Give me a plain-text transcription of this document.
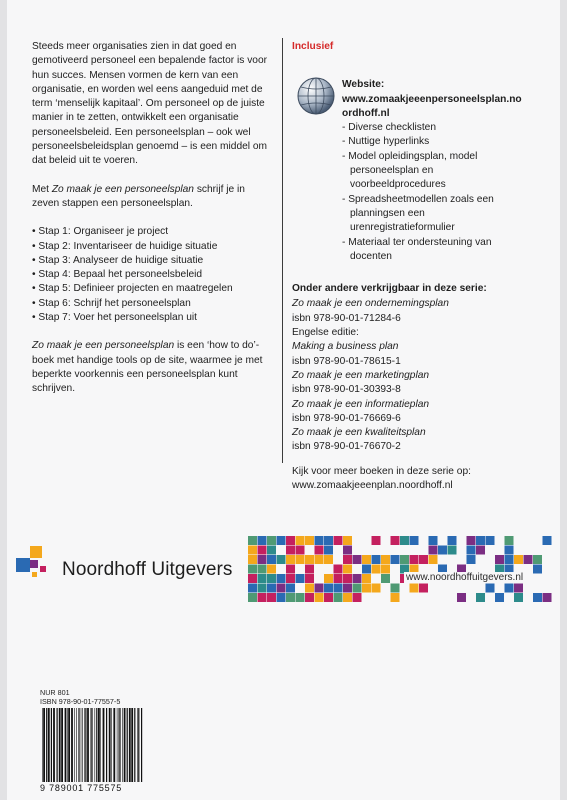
Steeds meer organisaties zien in dat goed en gemotiveerd personeel een bepalende factor is voor hun succes. Mensen vormen de kern van een organisatie, en worden wel eens aangeduid met de term ‘menselijk kapitaal’. Om personeel op de juiste manier in te zetten, ontwikkelt een organisatie personeelsbeleid. Een personeelsplan – ook wel personeelsbeleidsplan genoemd – is een middel om dat beleid uit te voeren.

Met Zo maak je een personeelsplan schrijf je in zeven stappen een personeelsplan.

• Stap 1: Organiseer je project
• Stap 2: Inventariseer de huidige situatie
• Stap 3: Analyseer de huidige situatie
• Stap 4: Bepaal het personeelsbeleid
• Stap 5: Definieer projecten en maatregelen
• Stap 6: Schrijf het personeelsplan
• Stap 7: Voer het personeelsplan uit

Zo maak je een personeelsplan is een ‘how to do’-boek met handige tools op de site, waarmee je met beperkte voorkennis een personeelsplan kunt schrijven.

Inclusief
Website:
www.zomaakjeeenpersoneelsplan.noordhoff.nl
- Diverse checklisten
- Nuttige hyperlinks
- Model opleidingsplan, model personeelsplan en voorbeeldprocedures
- Spreadsheetmodellen zoals een planningsen een urenregistratieformulier
- Materiaal ter ondersteuning van docenten
Onder andere verkrijgbaar in deze serie:
Zo maak je een ondernemingsplan
isbn 978-90-01-71284-6
Engelse editie:
Making a business plan
isbn 978-90-01-78615-1
Zo maak je een marketingplan
isbn 978-90-01-30393-8
Zo maak je een informatieplan
isbn 978-90-01-76669-6
Zo maak je een kwaliteitsplan
isbn 978-90-01-76670-2
Kijk voor meer boeken in deze serie op:
www.zomaakjeeenplan.noordhoff.nl
Noordhoff Uitgevers	www.noordhoffuitgevers.nl
NUR 801
ISBN 978-90-01-77557-5
9 789001 775575
